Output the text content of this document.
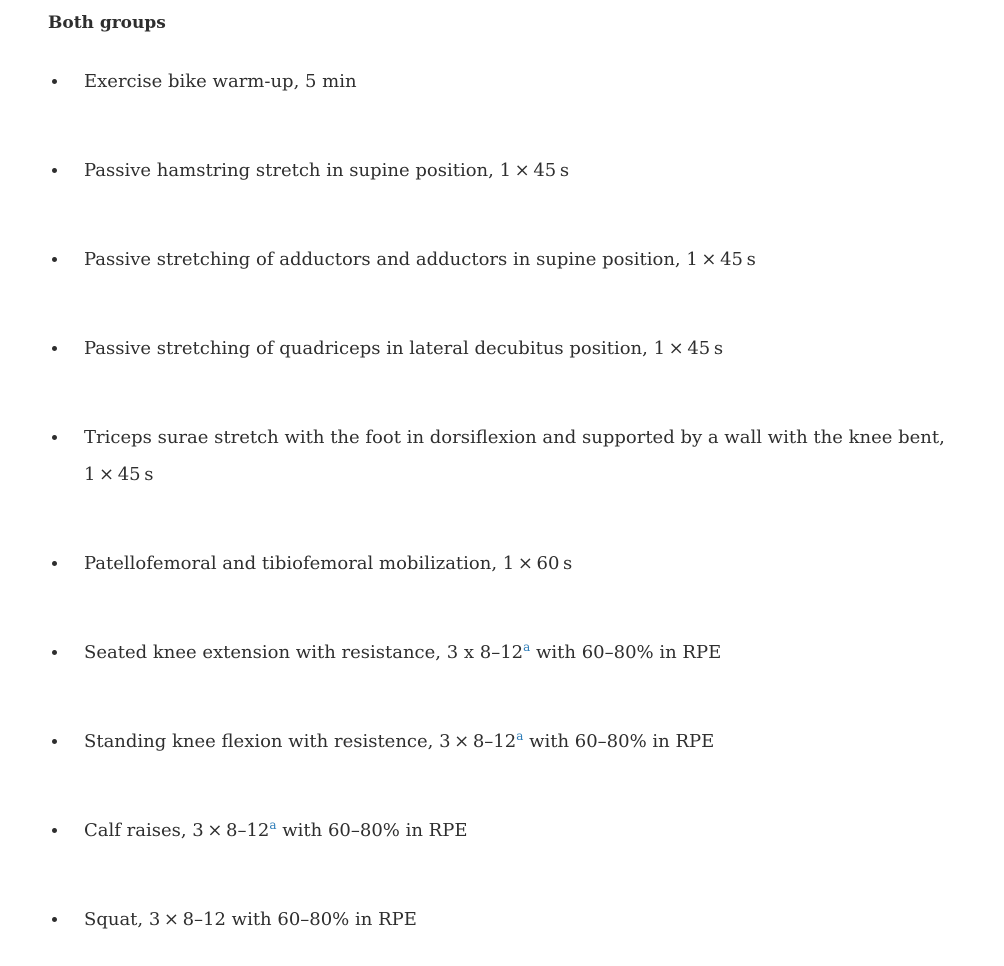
Both groups
Exercise bike warm-up, 5 min
Passive hamstring stretch in supine position, 1 × 45 s
Passive stretching of adductors and adductors in supine position, 1 × 45 s
Passive stretching of quadriceps in lateral decubitus position, 1 × 45 s
Triceps surae stretch with the foot in dorsiflexion and supported by a wall with the knee bent,
1 × 45 s
Patellofemoral and tibiofemoral mobilization, 1 × 60 s
Seated knee extension with resistance, 3 x 8–12$^a$ with 60–80% in RPE
Standing knee flexion with resistence, 3 × 8–12$^a$ with 60–80% in RPE
Calf raises, 3 × 8–12$^a$ with 60–80% in RPE
Squat, 3 × 8–12 with 60–80% in RPE
